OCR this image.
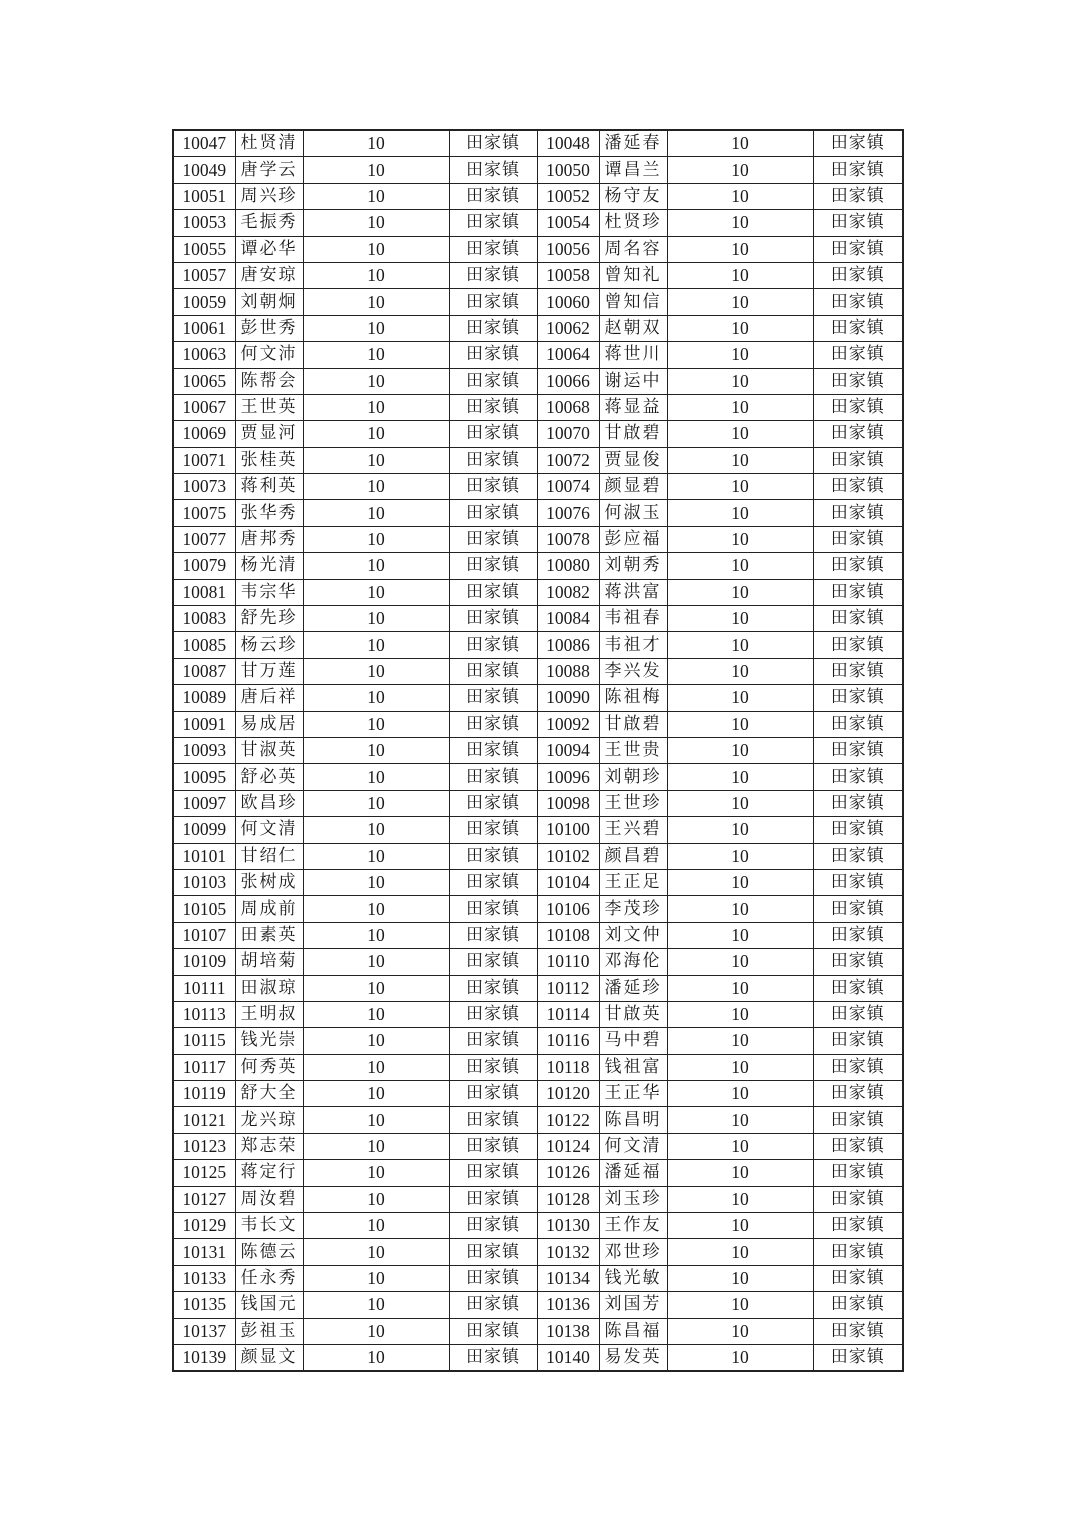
10047	杜贤清	10	田家镇	10048	潘延春	10	田家镇
10049	唐学云	10	田家镇	10050	谭昌兰	10	田家镇
10051	周兴珍	10	田家镇	10052	杨守友	10	田家镇
10053	毛振秀	10	田家镇	10054	杜贤珍	10	田家镇
10055	谭必华	10	田家镇	10056	周名容	10	田家镇
10057	唐安琼	10	田家镇	10058	曾知礼	10	田家镇
10059	刘朝炯	10	田家镇	10060	曾知信	10	田家镇
10061	彭世秀	10	田家镇	10062	赵朝双	10	田家镇
10063	何文沛	10	田家镇	10064	蒋世川	10	田家镇
10065	陈帮会	10	田家镇	10066	谢运中	10	田家镇
10067	王世英	10	田家镇	10068	蒋显益	10	田家镇
10069	贾显河	10	田家镇	10070	甘啟碧	10	田家镇
10071	张桂英	10	田家镇	10072	贾显俊	10	田家镇
10073	蒋利英	10	田家镇	10074	颜显碧	10	田家镇
10075	张华秀	10	田家镇	10076	何淑玉	10	田家镇
10077	唐邦秀	10	田家镇	10078	彭应福	10	田家镇
10079	杨光清	10	田家镇	10080	刘朝秀	10	田家镇
10081	韦宗华	10	田家镇	10082	蒋洪富	10	田家镇
10083	舒先珍	10	田家镇	10084	韦祖春	10	田家镇
10085	杨云珍	10	田家镇	10086	韦祖才	10	田家镇
10087	甘万莲	10	田家镇	10088	李兴发	10	田家镇
10089	唐后祥	10	田家镇	10090	陈祖梅	10	田家镇
10091	易成居	10	田家镇	10092	甘啟碧	10	田家镇
10093	甘淑英	10	田家镇	10094	王世贵	10	田家镇
10095	舒必英	10	田家镇	10096	刘朝珍	10	田家镇
10097	欧昌珍	10	田家镇	10098	王世珍	10	田家镇
10099	何文清	10	田家镇	10100	王兴碧	10	田家镇
10101	甘绍仁	10	田家镇	10102	颜昌碧	10	田家镇
10103	张树成	10	田家镇	10104	王正足	10	田家镇
10105	周成前	10	田家镇	10106	李茂珍	10	田家镇
10107	田素英	10	田家镇	10108	刘文仲	10	田家镇
10109	胡培菊	10	田家镇	10110	邓海伦	10	田家镇
10111	田淑琼	10	田家镇	10112	潘延珍	10	田家镇
10113	王明叔	10	田家镇	10114	甘啟英	10	田家镇
10115	钱光崇	10	田家镇	10116	马中碧	10	田家镇
10117	何秀英	10	田家镇	10118	钱祖富	10	田家镇
10119	舒大全	10	田家镇	10120	王正华	10	田家镇
10121	龙兴琼	10	田家镇	10122	陈昌明	10	田家镇
10123	郑志荣	10	田家镇	10124	何文清	10	田家镇
10125	蒋定行	10	田家镇	10126	潘延福	10	田家镇
10127	周汝碧	10	田家镇	10128	刘玉珍	10	田家镇
10129	韦长文	10	田家镇	10130	王作友	10	田家镇
10131	陈德云	10	田家镇	10132	邓世珍	10	田家镇
10133	任永秀	10	田家镇	10134	钱光敏	10	田家镇
10135	钱国元	10	田家镇	10136	刘国芳	10	田家镇
10137	彭祖玉	10	田家镇	10138	陈昌福	10	田家镇
10139	颜显文	10	田家镇	10140	易发英	10	田家镇
